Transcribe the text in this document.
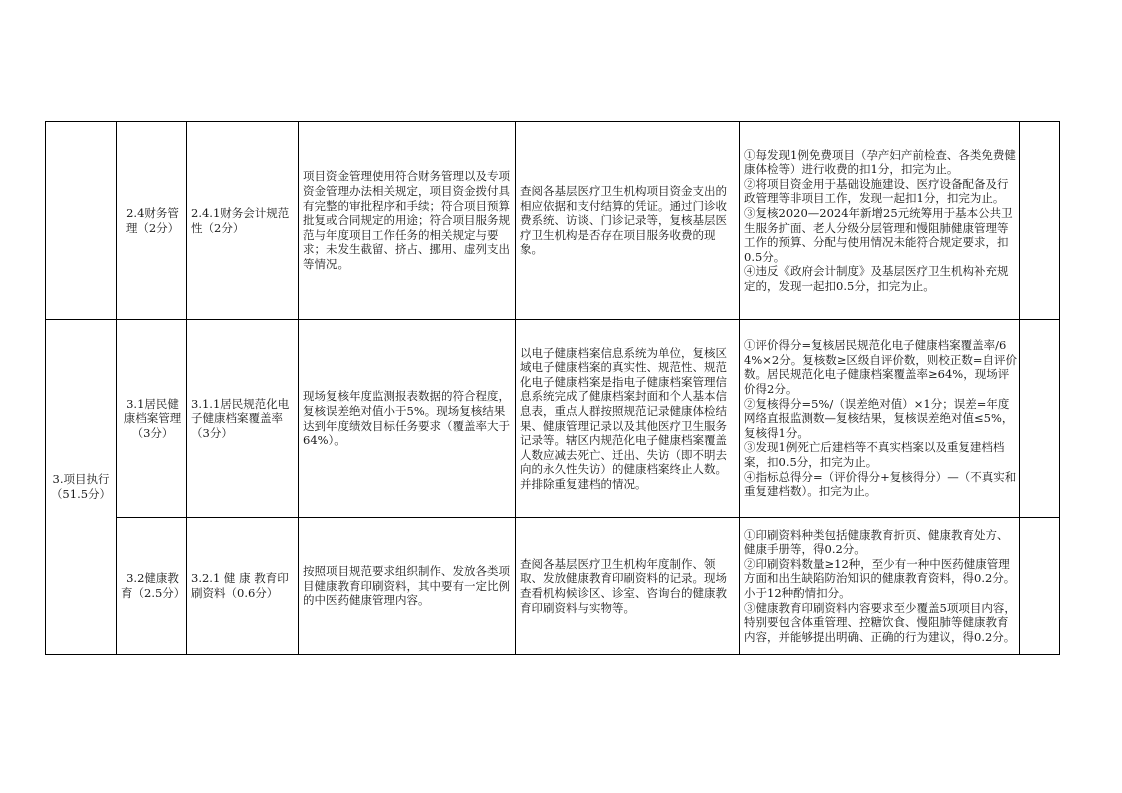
	2.4财务管理（2分）	2.4.1财务会计规范性（2分）	项目资金管理使用符合财务管理以及专项资金管理办法相关规定，项目资金拨付具有完整的审批程序和手续；符合项目预算批复或合同规定的用途；符合项目服务规范与年度项目工作任务的相关规定与要求；未发生截留、挤占、挪用、虚列支出等情况。	查阅各基层医疗卫生机构项目资金支出的相应依据和支付结算的凭证。通过门诊收费系统、访谈、门诊记录等，复核基层医疗卫生机构是否存在项目服务收费的现象。	①每发现1例免费项目（孕产妇产前检查、各类免费健康体检等）进行收费的扣1分，扣完为止。
②将项目资金用于基础设施建设、医疗设备配备及行政管理等非项目工作，发现一起扣1分，扣完为止。
③复核2020—2024年新增25元统筹用于基本公共卫生服务扩面、老人分级分层管理和慢阻肺健康管理等工作的预算、分配与使用情况未能符合规定要求，扣0.5分。
④违反《政府会计制度》及基层医疗卫生机构补充规定的，发现一起扣0.5分，扣完为止。	
3.项目执行（51.5分）	3.1居民健康档案管理（3分）	3.1.1居民规范化电子健康档案覆盖率（3分）	现场复核年度监测报表数据的符合程度，复核误差绝对值小于5%。现场复核结果达到年度绩效目标任务要求（覆盖率大于64%）。	以电子健康档案信息系统为单位，复核区域电子健康档案的真实性、规范性、规范化电子健康档案是指电子健康档案管理信息系统完成了健康档案封面和个人基本信息表，重点人群按照规范记录健康体检结果、健康管理记录以及其他医疗卫生服务记录等。辖区内规范化电子健康档案覆盖人数应减去死亡、迁出、失访（即不明去向的永久性失访）的健康档案终止人数。并排除重复建档的情况。	①评价得分=复核居民规范化电子健康档案覆盖率/64%×2分。复核数≥区级自评价数，则校正数=自评价数。居民规范化电子健康档案覆盖率≥64%，现场评价得2分。
②复核得分=5%/（误差绝对值）×1分；误差=年度网络直报监测数—复核结果，复核误差绝对值≤5%，复核得1分。
③发现1例死亡后建档等不真实档案以及重复建档档案，扣0.5分，扣完为止。
④指标总得分=（评价得分+复核得分）—（不真实和重复建档数）。扣完为止。	
	3.2健康教育（2.5分）	3.2.1 健 康 教育印刷资料（0.6分）	按照项目规范要求组织制作、发放各类项目健康教育印刷资料，其中要有一定比例的中医药健康管理内容。	查阅各基层医疗卫生机构年度制作、领取、发放健康教育印刷资料的记录。现场查看机构候诊区、诊室、咨询台的健康教育印刷资料与实物等。	①印刷资料种类包括健康教育折页、健康教育处方、健康手册等，得0.2分。
②印刷资料数量≥12种，至少有一种中医药健康管理方面和出生缺陷防治知识的健康教育资料，得0.2分。小于12种酌情扣分。
③健康教育印刷资料内容要求至少覆盖5项项目内容，特别要包含体重管理、控糖饮食、慢阻肺等健康教育内容，并能够提出明确、正确的行为建议，得0.2分。	
